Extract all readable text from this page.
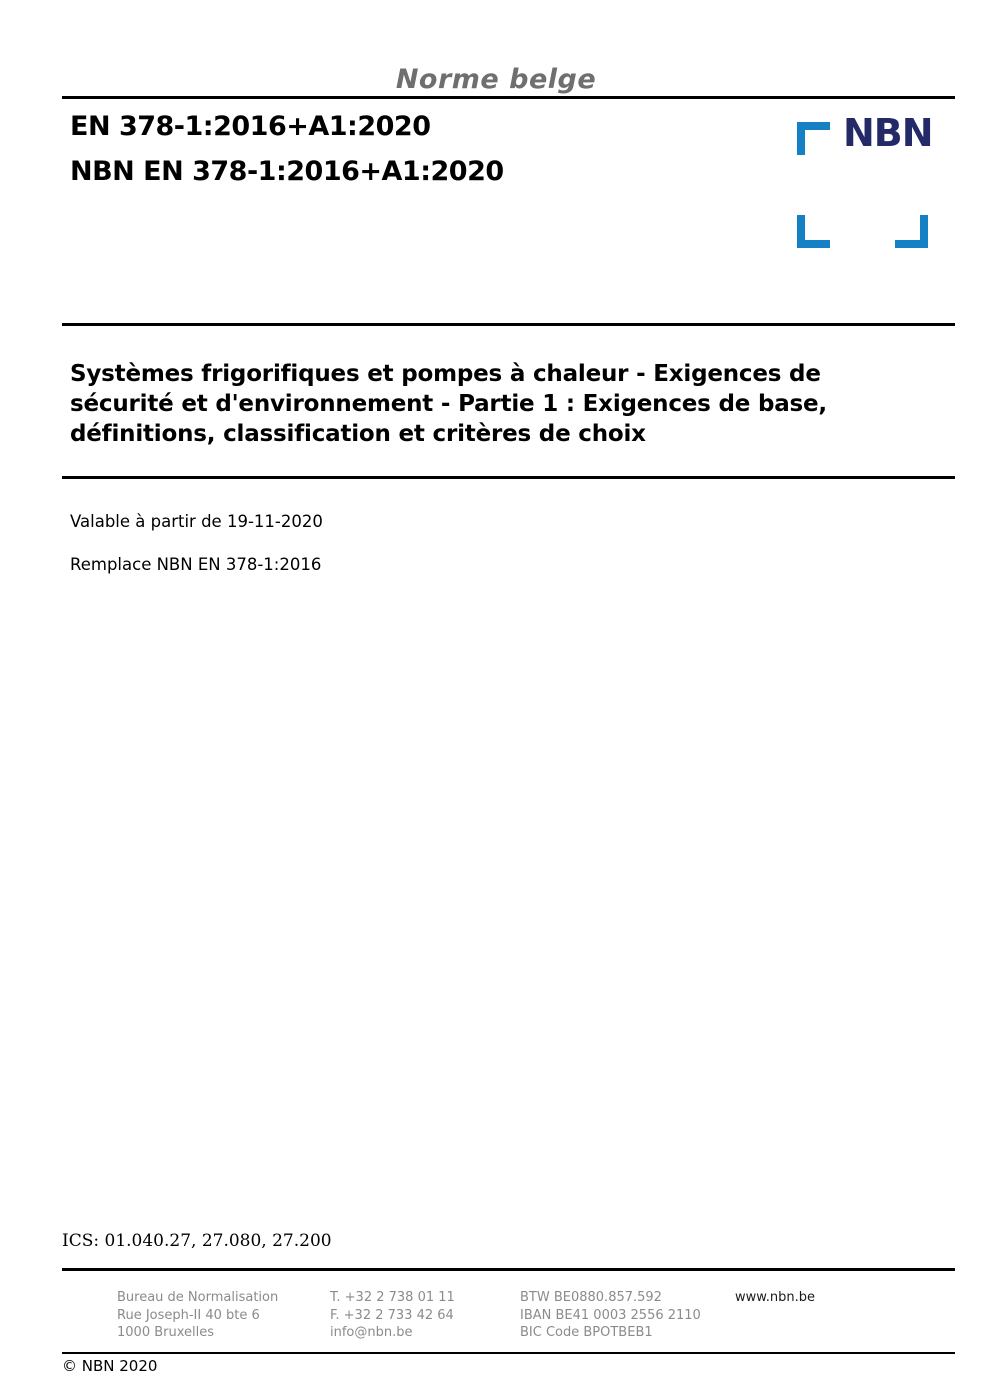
Norme belge
EN 378-1:2016+A1:2020
NBN EN 378-1:2016+A1:2020
NBN
Systèmes frigorifiques et pompes à chaleur - Exigences de
sécurité et d'environnement - Partie 1 : Exigences de base,
définitions, classification et critères de choix
Valable à partir de 19-11-2020
Remplace NBN EN 378-1:2016
ICS: 01.040.27, 27.080, 27.200
Bureau de Normalisation
Rue Joseph-II 40 bte 6
1000 Bruxelles
T. +32 2 738 01 11
F. +32 2 733 42 64
info@nbn.be
BTW BE0880.857.592
IBAN BE41 0003 2556 2110
BIC Code BPOTBEB1
www.nbn.be
© NBN 2020
